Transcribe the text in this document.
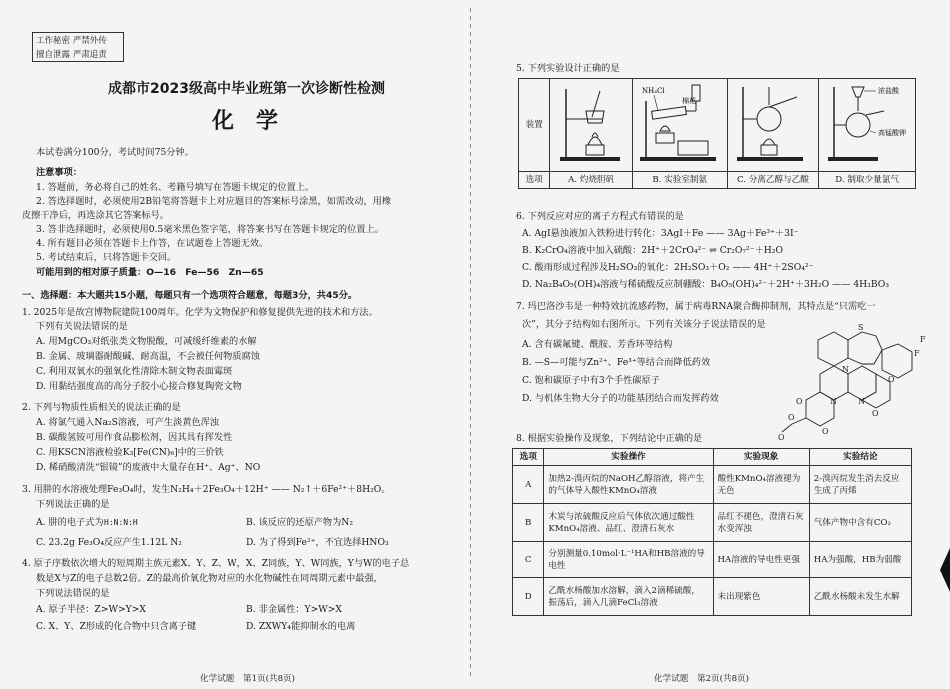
工作秘密 严禁外传
擅自泄露 严肃追责
成都市2023级高中毕业班第一次诊断性检测
化学
本试卷满分100分，考试时间75分钟。
注意事项：
1. 答题前，务必将自己的姓名、考籍号填写在答题卡规定的位置上。
2. 答选择题时，必须使用2B铅笔将答题卡上对应题目的答案标号涂黑，如需改动，用橡
皮擦干净后，再选涂其它答案标号。
3. 答非选择题时，必须使用0.5毫米黑色签字笔，将答案书写在答题卡规定的位置上。
4. 所有题目必须在答题卡上作答，在试题卷上答题无效。
5. 考试结束后，只将答题卡交回。
可能用到的相对原子质量：O—16　Fe—56　Zn—65
一、选择题：本大题共15小题，每题只有一个选项符合题意，每题3分，共45分。
1. 2025年是故宫博物院建院100周年。化学为文物保护和修复提供先进的技术和方法。
下列有关说法错误的是
A. 用MgCO₃对纸张类文物脱酸，可减缓纤维素的水解
B. 金属、玻璃器耐酸碱、耐高温，不会被任何物质腐蚀
C. 利用双氧水的强氧化性清除木制文物表面霉斑
D. 用黏结强度高的高分子胶小心接合修复陶瓷文物
2. 下列与物质性质相关的说法正确的是
A. 将氯气通入Na₂S溶液，可产生淡黄色浑浊
B. 碳酸氢铵可用作食品膨松剂，因其具有挥发性
C. 用KSCN溶液检验K₃[Fe(CN)₆]中的三价铁
D. 稀硝酸清洗“银镜”的废液中大量存在H⁺、Ag⁺、NO
3. 用肼的水溶液处理Fe₃O₄时，发生N₂H₄＋2Fe₃O₄＋12H⁺ —— N₂↑＋6Fe²⁺＋8H₂O。
下列说法正确的是
A. 肼的电子式为 H:N:N:H	B. 该反应的还原产物为N₂
C. 23.2g Fe₃O₄反应产生1.12L N₂	D. 为了得到Fe²⁺，不宜选择HNO₃
4. 原子序数依次增大的短周期主族元素X、Y、Z、W，X、Z同族，Y、W同族，Y与W的电子总
数是X与Z的电子总数2倍。Z的最高价氧化物对应的水化物碱性在同周期元素中最强，
下列说法错误的是
A. 原子半径：Z>W>Y>X	B. 非金属性：Y>W>X
C. X、Y、Z形成的化合物中只含离子键	D. ZXWY₄能抑制水的电离
化学试题　第1页(共8页)
5. 下列实验设计正确的是
装置		NH₄Cl
棉花		浓盐酸
高锰酸钾

选项	A. 灼烧胆矾	B. 实验室制氨	C. 分离乙醇与乙酸	D. 制取少量氯气
6. 下列反应对应的离子方程式有错误的是
A. AgI悬浊液加入铁粉进行转化：3AgI＋Fe —— 3Ag＋Fe³⁺＋3I⁻
B. K₂CrO₄溶液中加入硫酸：2H⁺＋2CrO₄²⁻ ⇌ Cr₂O₇²⁻＋H₂O
C. 酸雨形成过程涉及H₂SO₃的氧化：2H₂SO₃＋O₂ —— 4H⁺＋2SO₄²⁻
D. Na₂B₄O₅(OH)₄溶液与稀硫酸反应制硼酸：B₄O₅(OH)₄²⁻＋2H⁺＋3H₂O —— 4H₃BO₃
7. 玛巴洛沙韦是一种特效抗流感药物，属于病毒RNA聚合酶抑制剂，其特点是“只需吃一
次”，其分子结构如右图所示。下列有关该分子说法错误的是
A. 含有碳氟键、酰胺、芳香环等结构
B. —S—可能与Zn²⁺、Fe³⁺等结合而降低药效
C. 饱和碳原子中有3个手性碳原子
D. 与机体生物大分子的功能基团结合而发挥药效
S
F
F
N
N
N
O
O
O
O
O
O
8. 根据实验操作及现象，下列结论中正确的是
选项	实验操作	实验现象	实验结论
A	加热2-溴丙烷的NaOH乙醇溶液，将产生的气体导入酸性KMnO₄溶液	酸性KMnO₄溶液褪为无色	2-溴丙烷发生消去反应生成了丙烯
B	木炭与浓硫酸反应后气体依次通过酸性KMnO₄溶液、品红、澄清石灰水	品红不褪色，澄清石灰水变浑浊	气体产物中含有CO₂
C	分别测量0.10mol·L⁻¹HA和HB溶液的导电性	HA溶液的导电性更强	HA为强酸，HB为弱酸
D	乙酰水杨酸加水溶解，滴入2滴稀硫酸，振荡后，滴入几滴FeCl₃溶液	未出现紫色	乙酰水杨酸未发生水解
化学试题　第2页(共8页)
